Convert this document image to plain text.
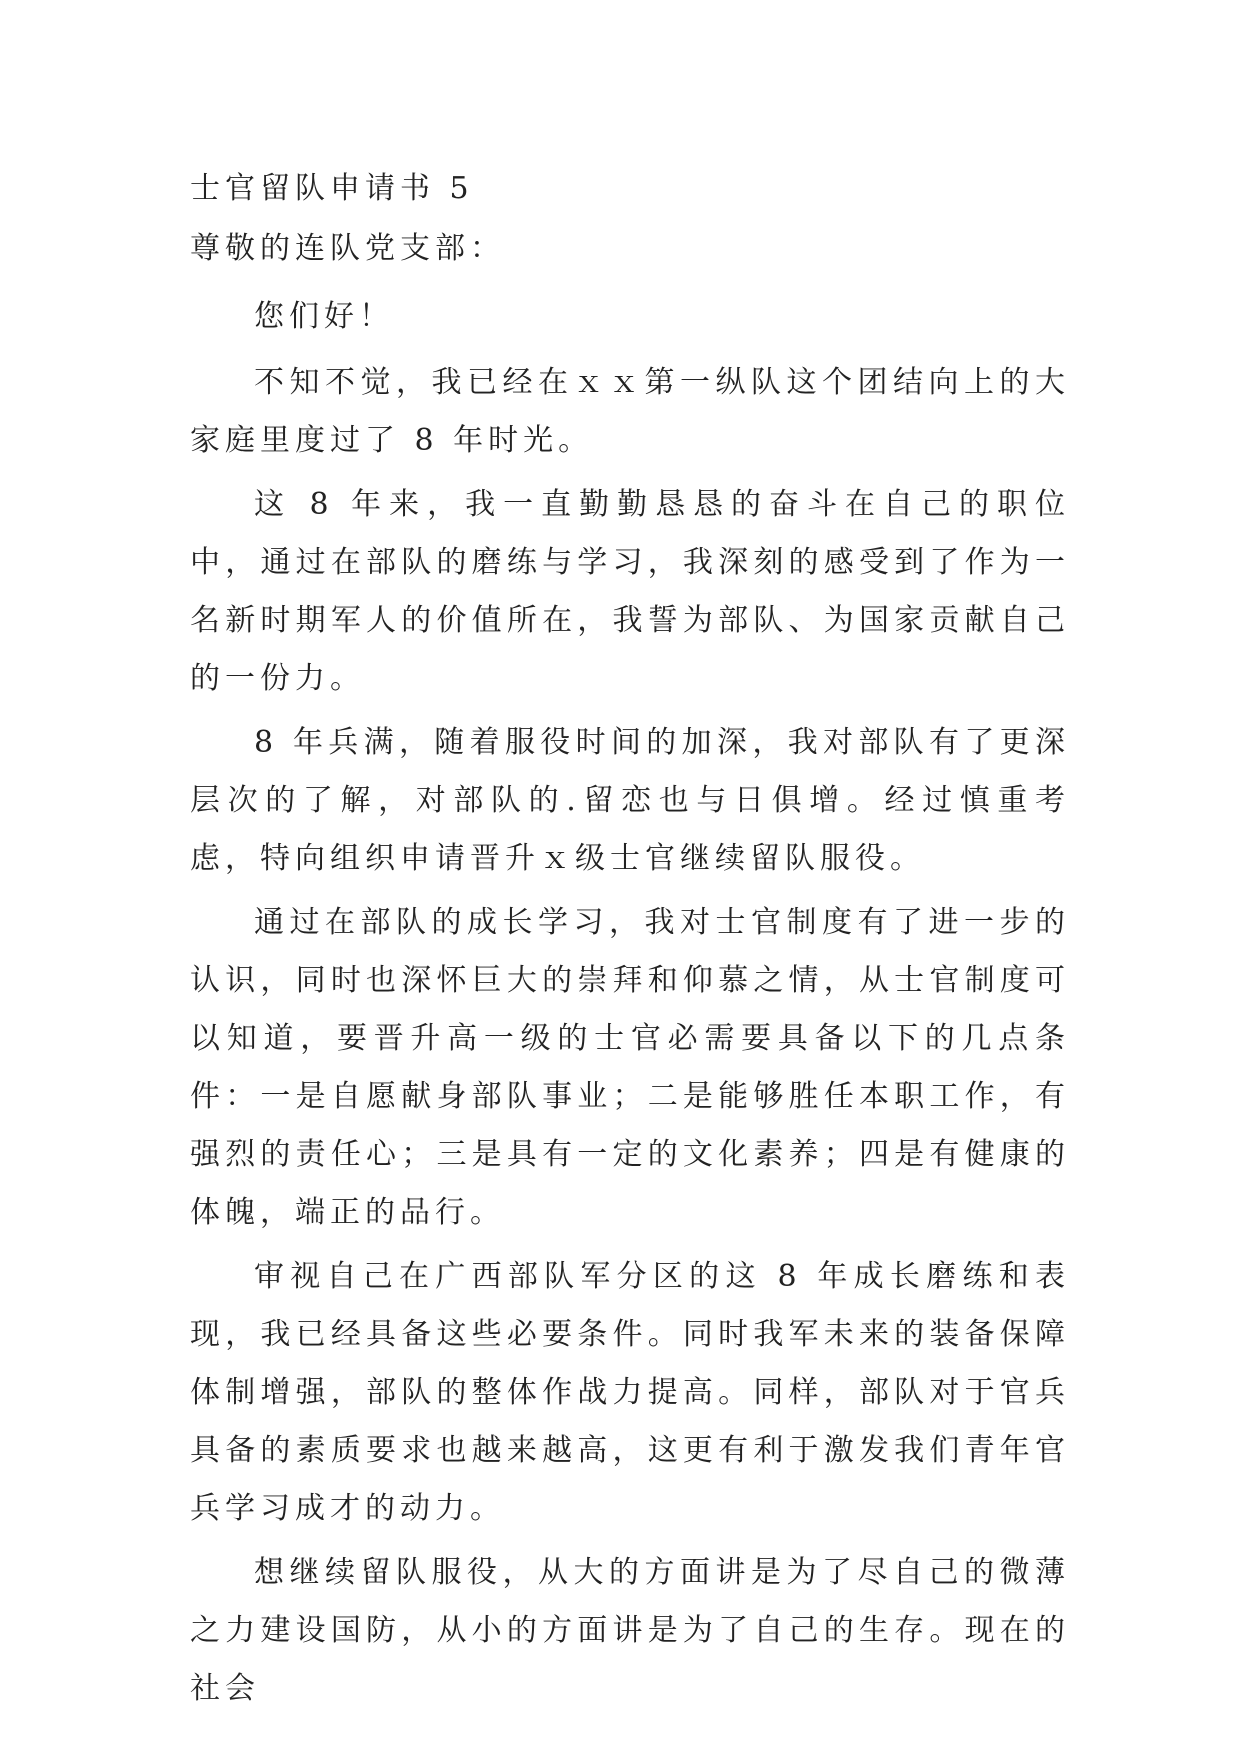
士官留队申请书 5

尊敬的连队党支部：

您们好！

不知不觉，我已经在ｘｘ第一纵队这个团结向上的大家庭里度过了 8 年时光。

这 8 年来，我一直勤勤恳恳的奋斗在自己的职位中，通过在部队的磨练与学习，我深刻的感受到了作为一名新时期军人的价值所在，我誓为部队、为国家贡献自己的一份力。

8 年兵满，随着服役时间的加深，我对部队有了更深层次的了解，对部队的.留恋也与日俱增。经过慎重考虑，特向组织申请晋升ｘ级士官继续留队服役。

通过在部队的成长学习，我对士官制度有了进一步的认识，同时也深怀巨大的崇拜和仰慕之情，从士官制度可以知道，要晋升高一级的士官必需要具备以下的几点条件：一是自愿献身部队事业；二是能够胜任本职工作，有强烈的责任心；三是具有一定的文化素养；四是有健康的体魄，端正的品行。

审视自己在广西部队军分区的这 8 年成长磨练和表现，我已经具备这些必要条件。同时我军未来的装备保障体制增强，部队的整体作战力提高。同样，部队对于官兵具备的素质要求也越来越高，这更有利于激发我们青年官兵学习成才的动力。

想继续留队服役，从大的方面讲是为了尽自己的微薄之力建设国防，从小的方面讲是为了自己的生存。现在的社会
